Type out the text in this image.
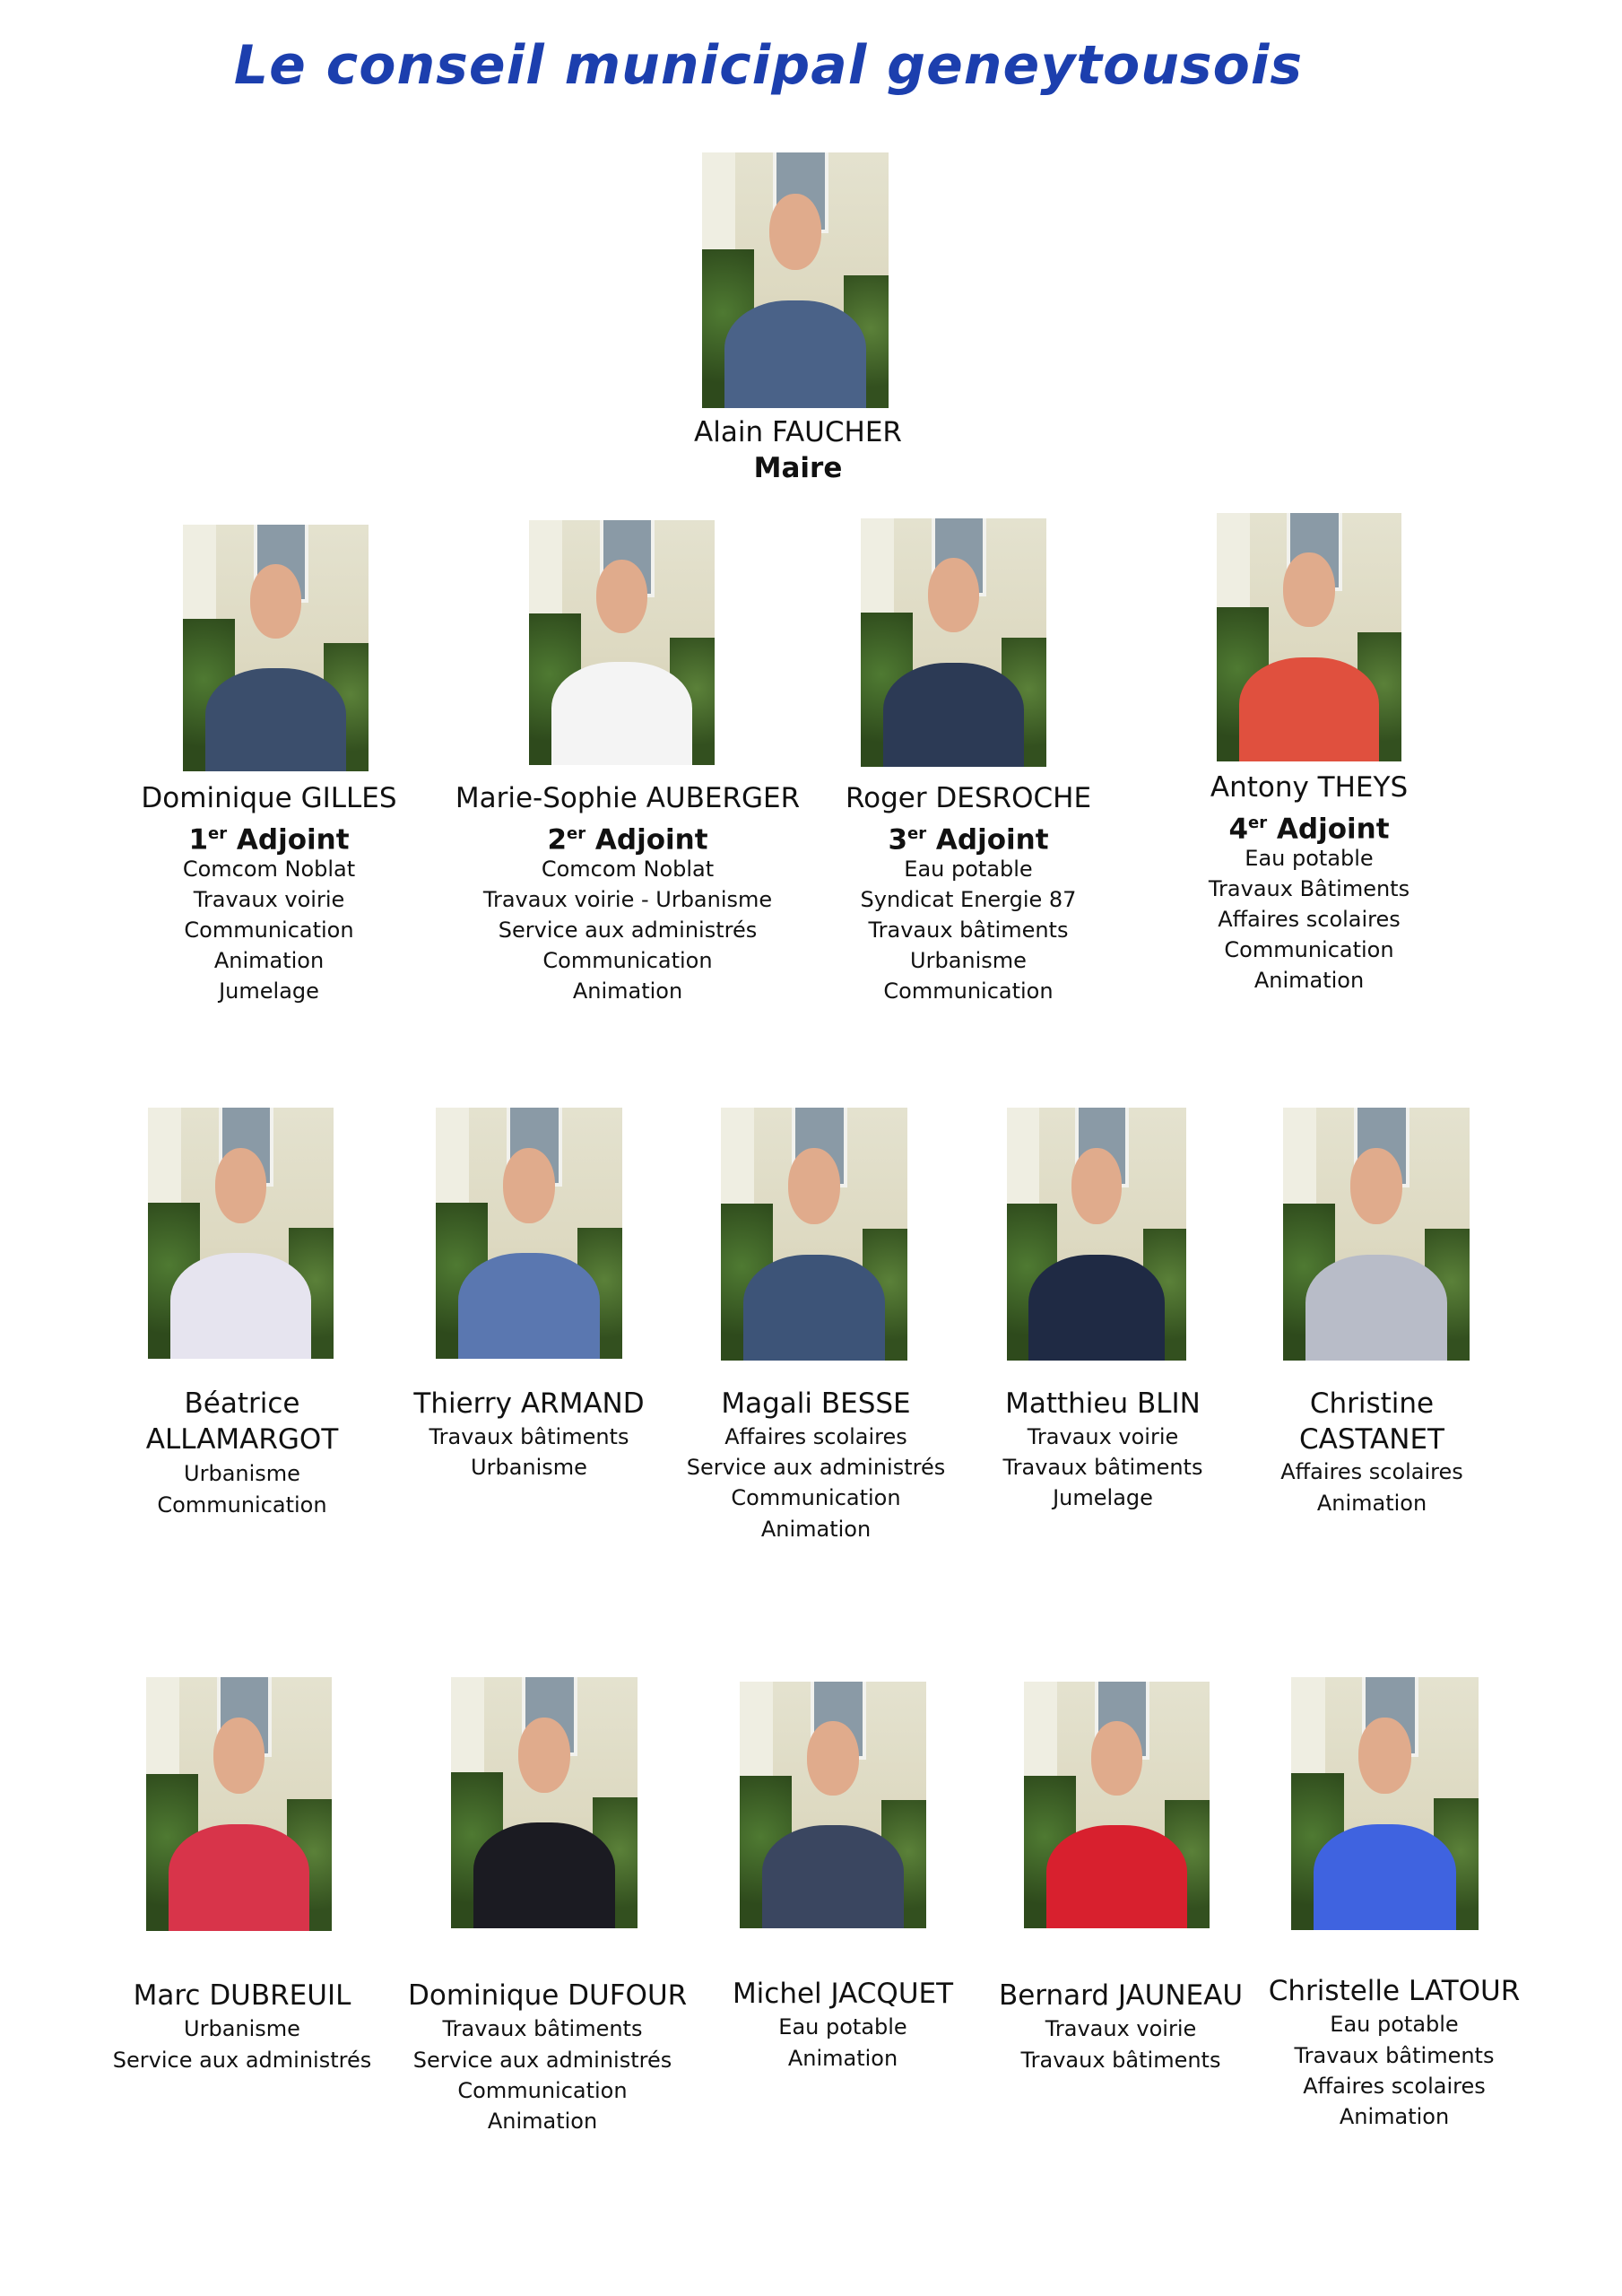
Le conseil municipal geneytousois
Alain FAUCHER
Maire
Dominique GILLES
1er Adjoint
Comcom Noblat
Travaux voirie
Communication
Animation
Jumelage
Marie-Sophie AUBERGER
2er Adjoint
Comcom Noblat
Travaux voirie - Urbanisme
Service aux administrés
Communication
Animation
Roger DESROCHE
3er Adjoint
Eau potable
Syndicat Energie 87
Travaux bâtiments
Urbanisme
Communication
Antony THEYS
4er Adjoint
Eau potable
Travaux Bâtiments
Affaires scolaires
Communication
Animation
Béatrice
ALLAMARGOT
Urbanisme
Communication
Thierry ARMAND
Travaux bâtiments
Urbanisme
Magali BESSE
Affaires scolaires
Service aux administrés
Communication
Animation
Matthieu BLIN
Travaux voirie
Travaux bâtiments
Jumelage
Christine
CASTANET
Affaires scolaires
Animation
Marc DUBREUIL
Urbanisme
Service aux administrés
Dominique DUFOUR
Travaux bâtiments
Service aux administrés
Communication
Animation
Michel JACQUET
Eau potable
Animation
Bernard JAUNEAU
Travaux voirie
Travaux bâtiments
Christelle LATOUR
Eau potable
Travaux bâtiments
Affaires scolaires
Animation
